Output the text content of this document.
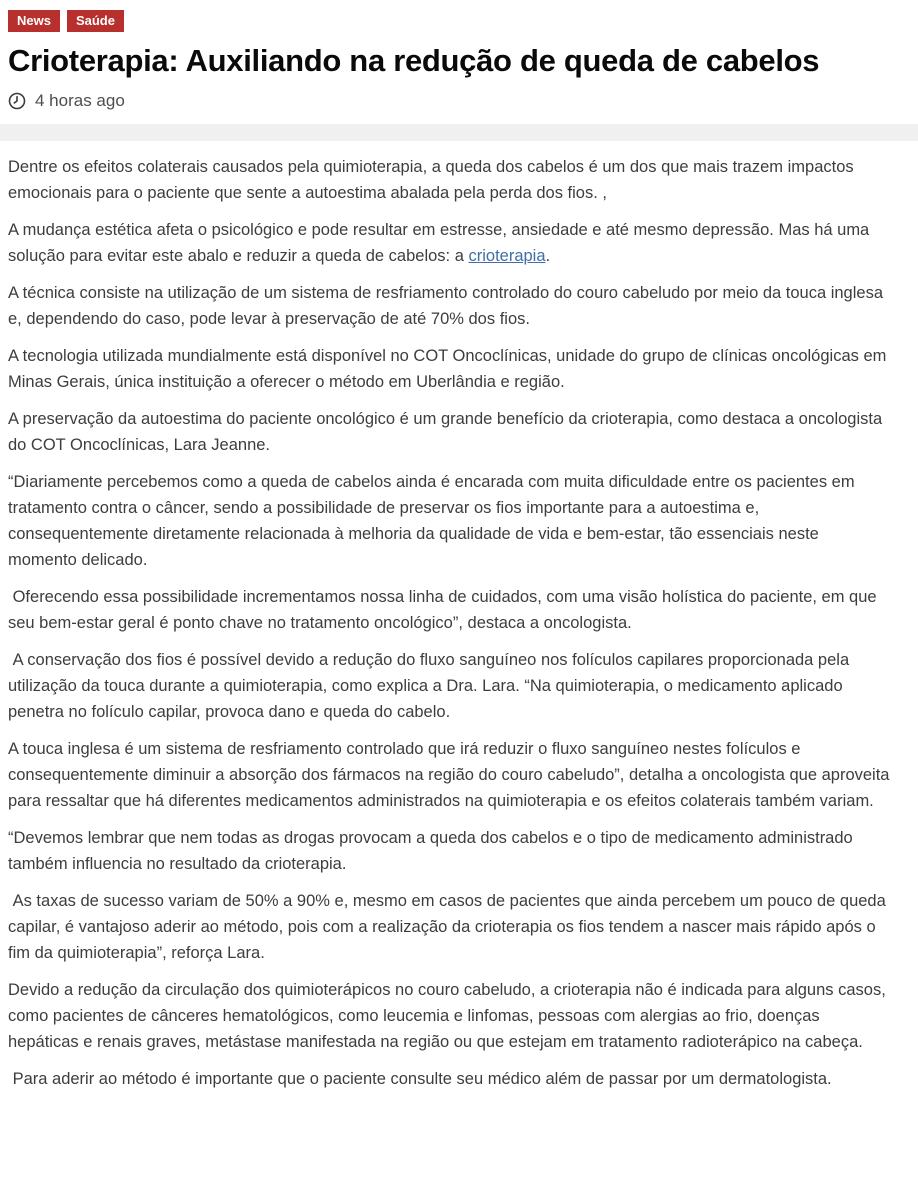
News	Saúde
Crioterapia: Auxiliando na redução de queda de cabelos
4 horas ago

Dentre os efeitos colaterais causados pela quimioterapia, a queda dos cabelos é um dos que mais trazem impactos emocionais para o paciente que sente a autoestima abalada pela perda dos fios. ,

A mudança estética afeta o psicológico e pode resultar em estresse, ansiedade e até mesmo depressão. Mas há uma solução para evitar este abalo e reduzir a queda de cabelos: a crioterapia.

A técnica consiste na utilização de um sistema de resfriamento controlado do couro cabeludo por meio da touca inglesa e, dependendo do caso, pode levar à preservação de até 70% dos fios.

A tecnologia utilizada mundialmente está disponível no COT Oncoclínicas, unidade do grupo de clínicas oncológicas em Minas Gerais, única instituição a oferecer o método em Uberlândia e região.

A preservação da autoestima do paciente oncológico é um grande benefício da crioterapia, como destaca a oncologista do COT Oncoclínicas, Lara Jeanne.

“Diariamente percebemos como a queda de cabelos ainda é encarada com muita dificuldade entre os pacientes em tratamento contra o câncer, sendo a possibilidade de preservar os fios importante para a autoestima e, consequentemente diretamente relacionada à melhoria da qualidade de vida e bem-estar, tão essenciais neste momento delicado.

Oferecendo essa possibilidade incrementamos nossa linha de cuidados, com uma visão holística do paciente, em que seu bem-estar geral é ponto chave no tratamento oncológico”, destaca a oncologista.

A conservação dos fios é possível devido a redução do fluxo sanguíneo nos folículos capilares proporcionada pela utilização da touca durante a quimioterapia, como explica a Dra. Lara. “Na quimioterapia, o medicamento aplicado penetra no folículo capilar, provoca dano e queda do cabelo.

A touca inglesa é um sistema de resfriamento controlado que irá reduzir o fluxo sanguíneo nestes folículos e consequentemente diminuir a absorção dos fármacos na região do couro cabeludo”, detalha a oncologista que aproveita para ressaltar que há diferentes medicamentos administrados na quimioterapia e os efeitos colaterais também variam.

“Devemos lembrar que nem todas as drogas provocam a queda dos cabelos e o tipo de medicamento administrado também influencia no resultado da crioterapia.

As taxas de sucesso variam de 50% a 90% e, mesmo em casos de pacientes que ainda percebem um pouco de queda capilar, é vantajoso aderir ao método, pois com a realização da crioterapia os fios tendem a nascer mais rápido após o fim da quimioterapia”, reforça Lara.

Devido a redução da circulação dos quimioterápicos no couro cabeludo, a crioterapia não é indicada para alguns casos, como pacientes de cânceres hematológicos, como leucemia e linfomas, pessoas com alergias ao frio, doenças hepáticas e renais graves, metástase manifestada na região ou que estejam em tratamento radioterápico na cabeça.

Para aderir ao método é importante que o paciente consulte seu médico além de passar por um dermatologista.
